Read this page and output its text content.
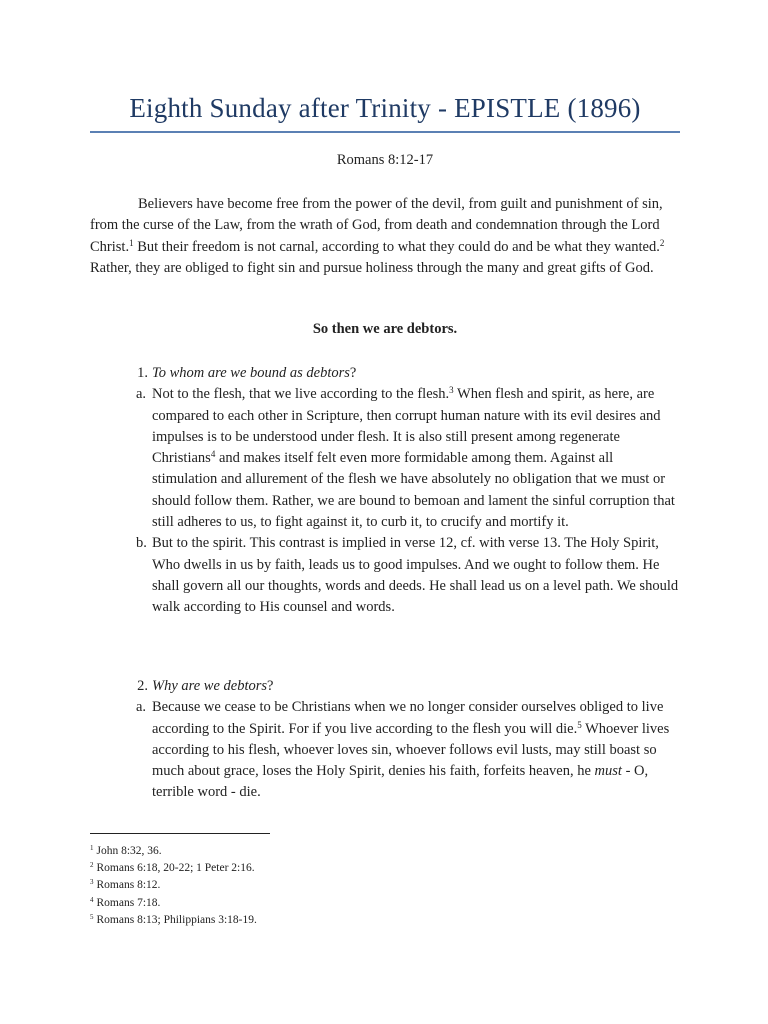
Eighth Sunday after Trinity - EPISTLE (1896)
Romans 8:12-17

Believers have become free from the power of the devil, from guilt and punishment of sin, from the curse of the Law, from the wrath of God, from death and condemnation through the Lord Christ.$^1$ But their freedom is not carnal, according to what they could do and be what they wanted.$^2$ Rather, they are obliged to fight sin and pursue holiness through the many and great gifts of God.

So then we are debtors.
1. To whom are we bound as debtors?
a. Not to the flesh, that we live according to the flesh.$^3$ When flesh and spirit, as here, are compared to each other in Scripture, then corrupt human nature with its evil desires and impulses is to be understood under flesh. It is also still present among regenerate Christians$^4$ and makes itself felt even more formidable among them. Against all stimulation and allurement of the flesh we have absolutely no obligation that we must or should follow them. Rather, we are bound to bemoan and lament the sinful corruption that still adheres to us, to fight against it, to curb it, to crucify and mortify it.
b. But to the spirit. This contrast is implied in verse 12, cf. with verse 13. The Holy Spirit, Who dwells in us by faith, leads us to good impulses. And we ought to follow them. He shall govern all our thoughts, words and deeds. He shall lead us on a level path. We should walk according to His counsel and words.
2. Why are we debtors?
a. Because we cease to be Christians when we no longer consider ourselves obliged to live according to the Spirit. For if you live according to the flesh you will die.$^5$ Whoever lives according to his flesh, whoever loves sin, whoever follows evil lusts, may still boast so much about grace, loses the Holy Spirit, denies his faith, forfeits heaven, he must - O, terrible word - die.
$^1$ John 8:32, 36.
$^2$ Romans 6:18, 20-22; 1 Peter 2:16.
$^3$ Romans 8:12.
$^4$ Romans 7:18.
$^5$ Romans 8:13; Philippians 3:18-19.
